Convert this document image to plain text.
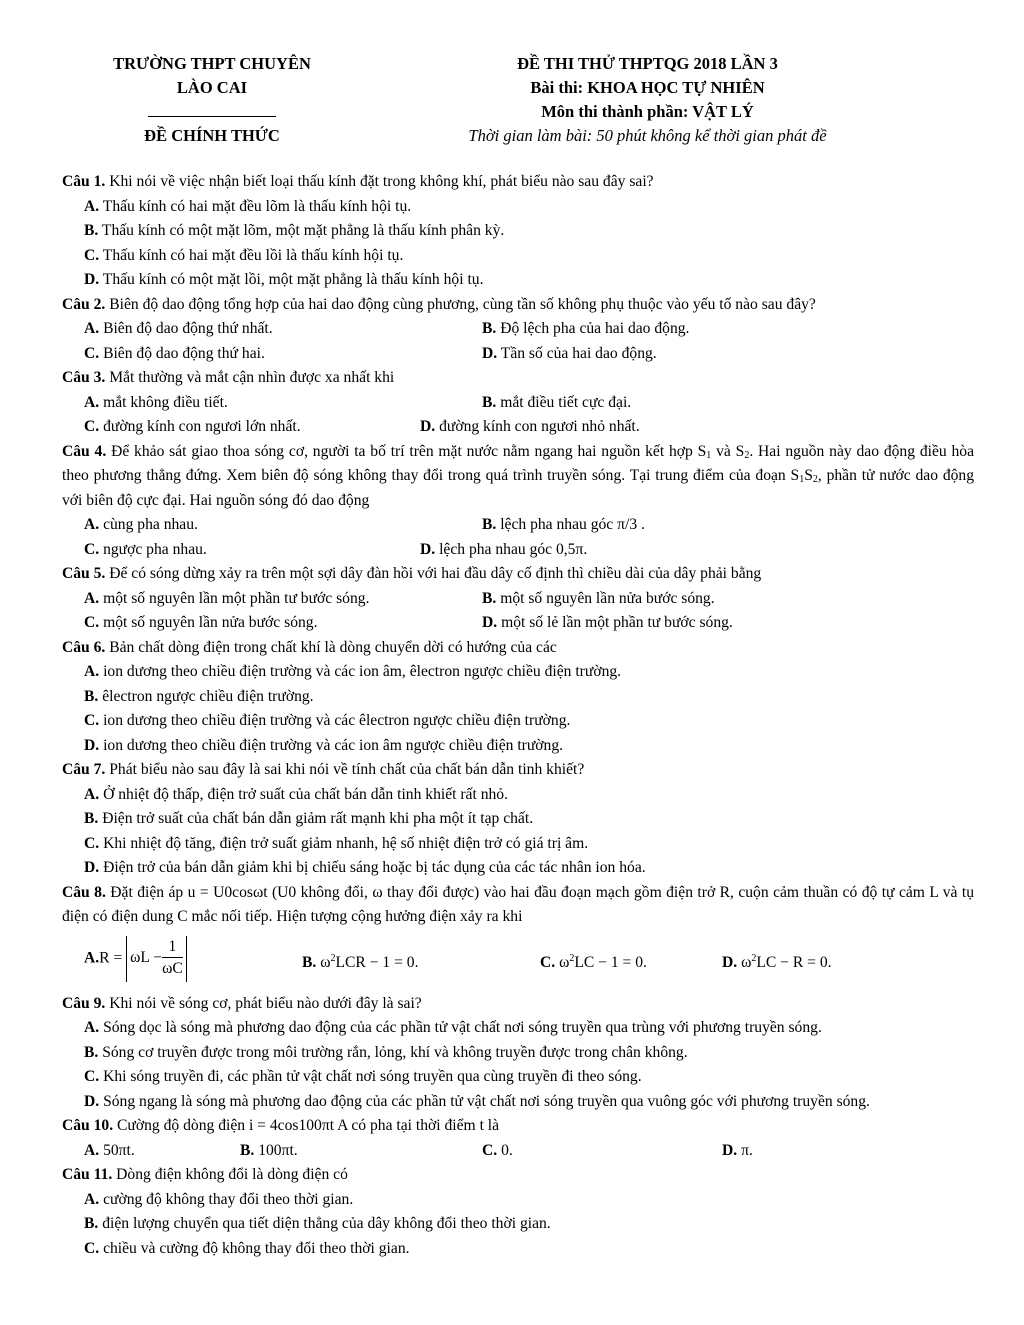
TRƯỜNG THPT CHUYÊN
LÀO CAI
ĐỀ CHÍNH THỨC
ĐỀ THI THỬ THPTQG 2018 LẦN 3
Bài thi: KHOA HỌC TỰ NHIÊN
Môn thi thành phần: VẬT LÝ
Thời gian làm bài: 50 phút không kể thời gian phát đề

Câu 1. Khi nói về việc nhận biết loại thấu kính đặt trong không khí, phát biểu nào sau đây sai?

A. Thấu kính có hai mặt đều lõm là thấu kính hội tụ.
B. Thấu kính có một mặt lõm, một mặt phẳng là thấu kính phân kỳ.
C. Thấu kính có hai mặt đều lồi là thấu kính hội tụ.
D. Thấu kính có một mặt lồi, một mặt phẳng là thấu kính hội tụ.

Câu 2. Biên độ dao động tổng hợp của hai dao động cùng phương, cùng tần số không phụ thuộc vào yếu tố nào sau đây?

A. Biên độ dao động thứ nhất.	B. Độ lệch pha của hai dao động.
C. Biên độ dao động thứ hai.	D. Tần số của hai dao động.

Câu 3. Mắt thường và mắt cận nhìn được xa nhất khi

A. mắt không điều tiết.	B. mắt điều tiết cực đại.
C. đường kính con ngươi lớn nhất.	D. đường kính con ngươi nhỏ nhất.

Câu 4. Để khảo sát giao thoa sóng cơ, người ta bố trí trên mặt nước nằm ngang hai nguồn kết hợp $S_1$ và $S_2$. Hai nguồn này dao động điều hòa theo phương thẳng đứng. Xem biên độ sóng không thay đổi trong quá trình truyền sóng. Tại trung điểm của đoạn $S_1S_2$, phần tử nước dao động với biên độ cực đại. Hai nguồn sóng đó dao động

A. cùng pha nhau.	B. lệch pha nhau góc π/3 .
C. ngược pha nhau.	D. lệch pha nhau góc 0,5π.

Câu 5. Để có sóng dừng xảy ra trên một sợi dây đàn hồi với hai đầu dây cố định thì chiều dài của dây phải bằng

A. một số nguyên lần một phần tư bước sóng.	B. một số nguyên lần nửa bước sóng.
C. một số nguyên lần nửa bước sóng.	D. một số lẻ lần một phần tư bước sóng.

Câu 6. Bản chất dòng điện trong chất khí là dòng chuyển dời có hướng của các

A. ion dương theo chiều điện trường và các ion âm, êlectron ngược chiều điện trường.
B. êlectron ngược chiều điện trường.
C. ion dương theo chiều điện trường và các êlectron ngược chiều điện trường.
D. ion dương theo chiều điện trường và các ion âm ngược chiều điện trường.

Câu 7. Phát biểu nào sau đây là sai khi nói về tính chất của chất bán dẫn tinh khiết?

A. Ở nhiệt độ thấp, điện trở suất của chất bán dẫn tinh khiết rất nhỏ.
B. Điện trở suất của chất bán dẫn giảm rất mạnh khi pha một ít tạp chất.
C. Khi nhiệt độ tăng, điện trở suất giảm nhanh, hệ số nhiệt điện trở có giá trị âm.
D. Điện trở của bán dẫn giảm khi bị chiếu sáng hoặc bị tác dụng của các tác nhân ion hóa.

Câu 8. Đặt điện áp u = U0cosωt (U0 không đổi, ω thay đổi được) vào hai đầu đoạn mạch gồm điện trở R, cuộn cảm thuần có độ tự cảm L và tụ điện có điện dung C mắc nối tiếp. Hiện tượng cộng hưởng điện xảy ra khi

$A.R = \omega L - \frac{1}{\omega C}$	B. $\omega^2LCR - 1 = 0$.	C. $\omega^2LC - 1 = 0$.	D. $\omega^2LC - R = 0$.

Câu 9. Khi nói về sóng cơ, phát biểu nào dưới đây là sai?

A. Sóng dọc là sóng mà phương dao động của các phần tử vật chất nơi sóng truyền qua trùng với phương truyền sóng.
B. Sóng cơ truyền được trong môi trường rắn, lỏng, khí và không truyền được trong chân không.
C. Khi sóng truyền đi, các phần tử vật chất nơi sóng truyền qua cùng truyền đi theo sóng.
D. Sóng ngang là sóng mà phương dao động của các phần tử vật chất nơi sóng truyền qua vuông góc với phương truyền sóng.

Câu 10. Cường độ dòng điện i = 4cos100πt A có pha tại thời điểm t là

A. 50πt.	B. 100πt.	C. 0.	D. π.

Câu 11. Dòng điện không đổi là dòng điện có

A. cường độ không thay đổi theo thời gian.
B. điện lượng chuyển qua tiết diện thẳng của dây không đổi theo thời gian.
C. chiều và cường độ không thay đổi theo thời gian.
